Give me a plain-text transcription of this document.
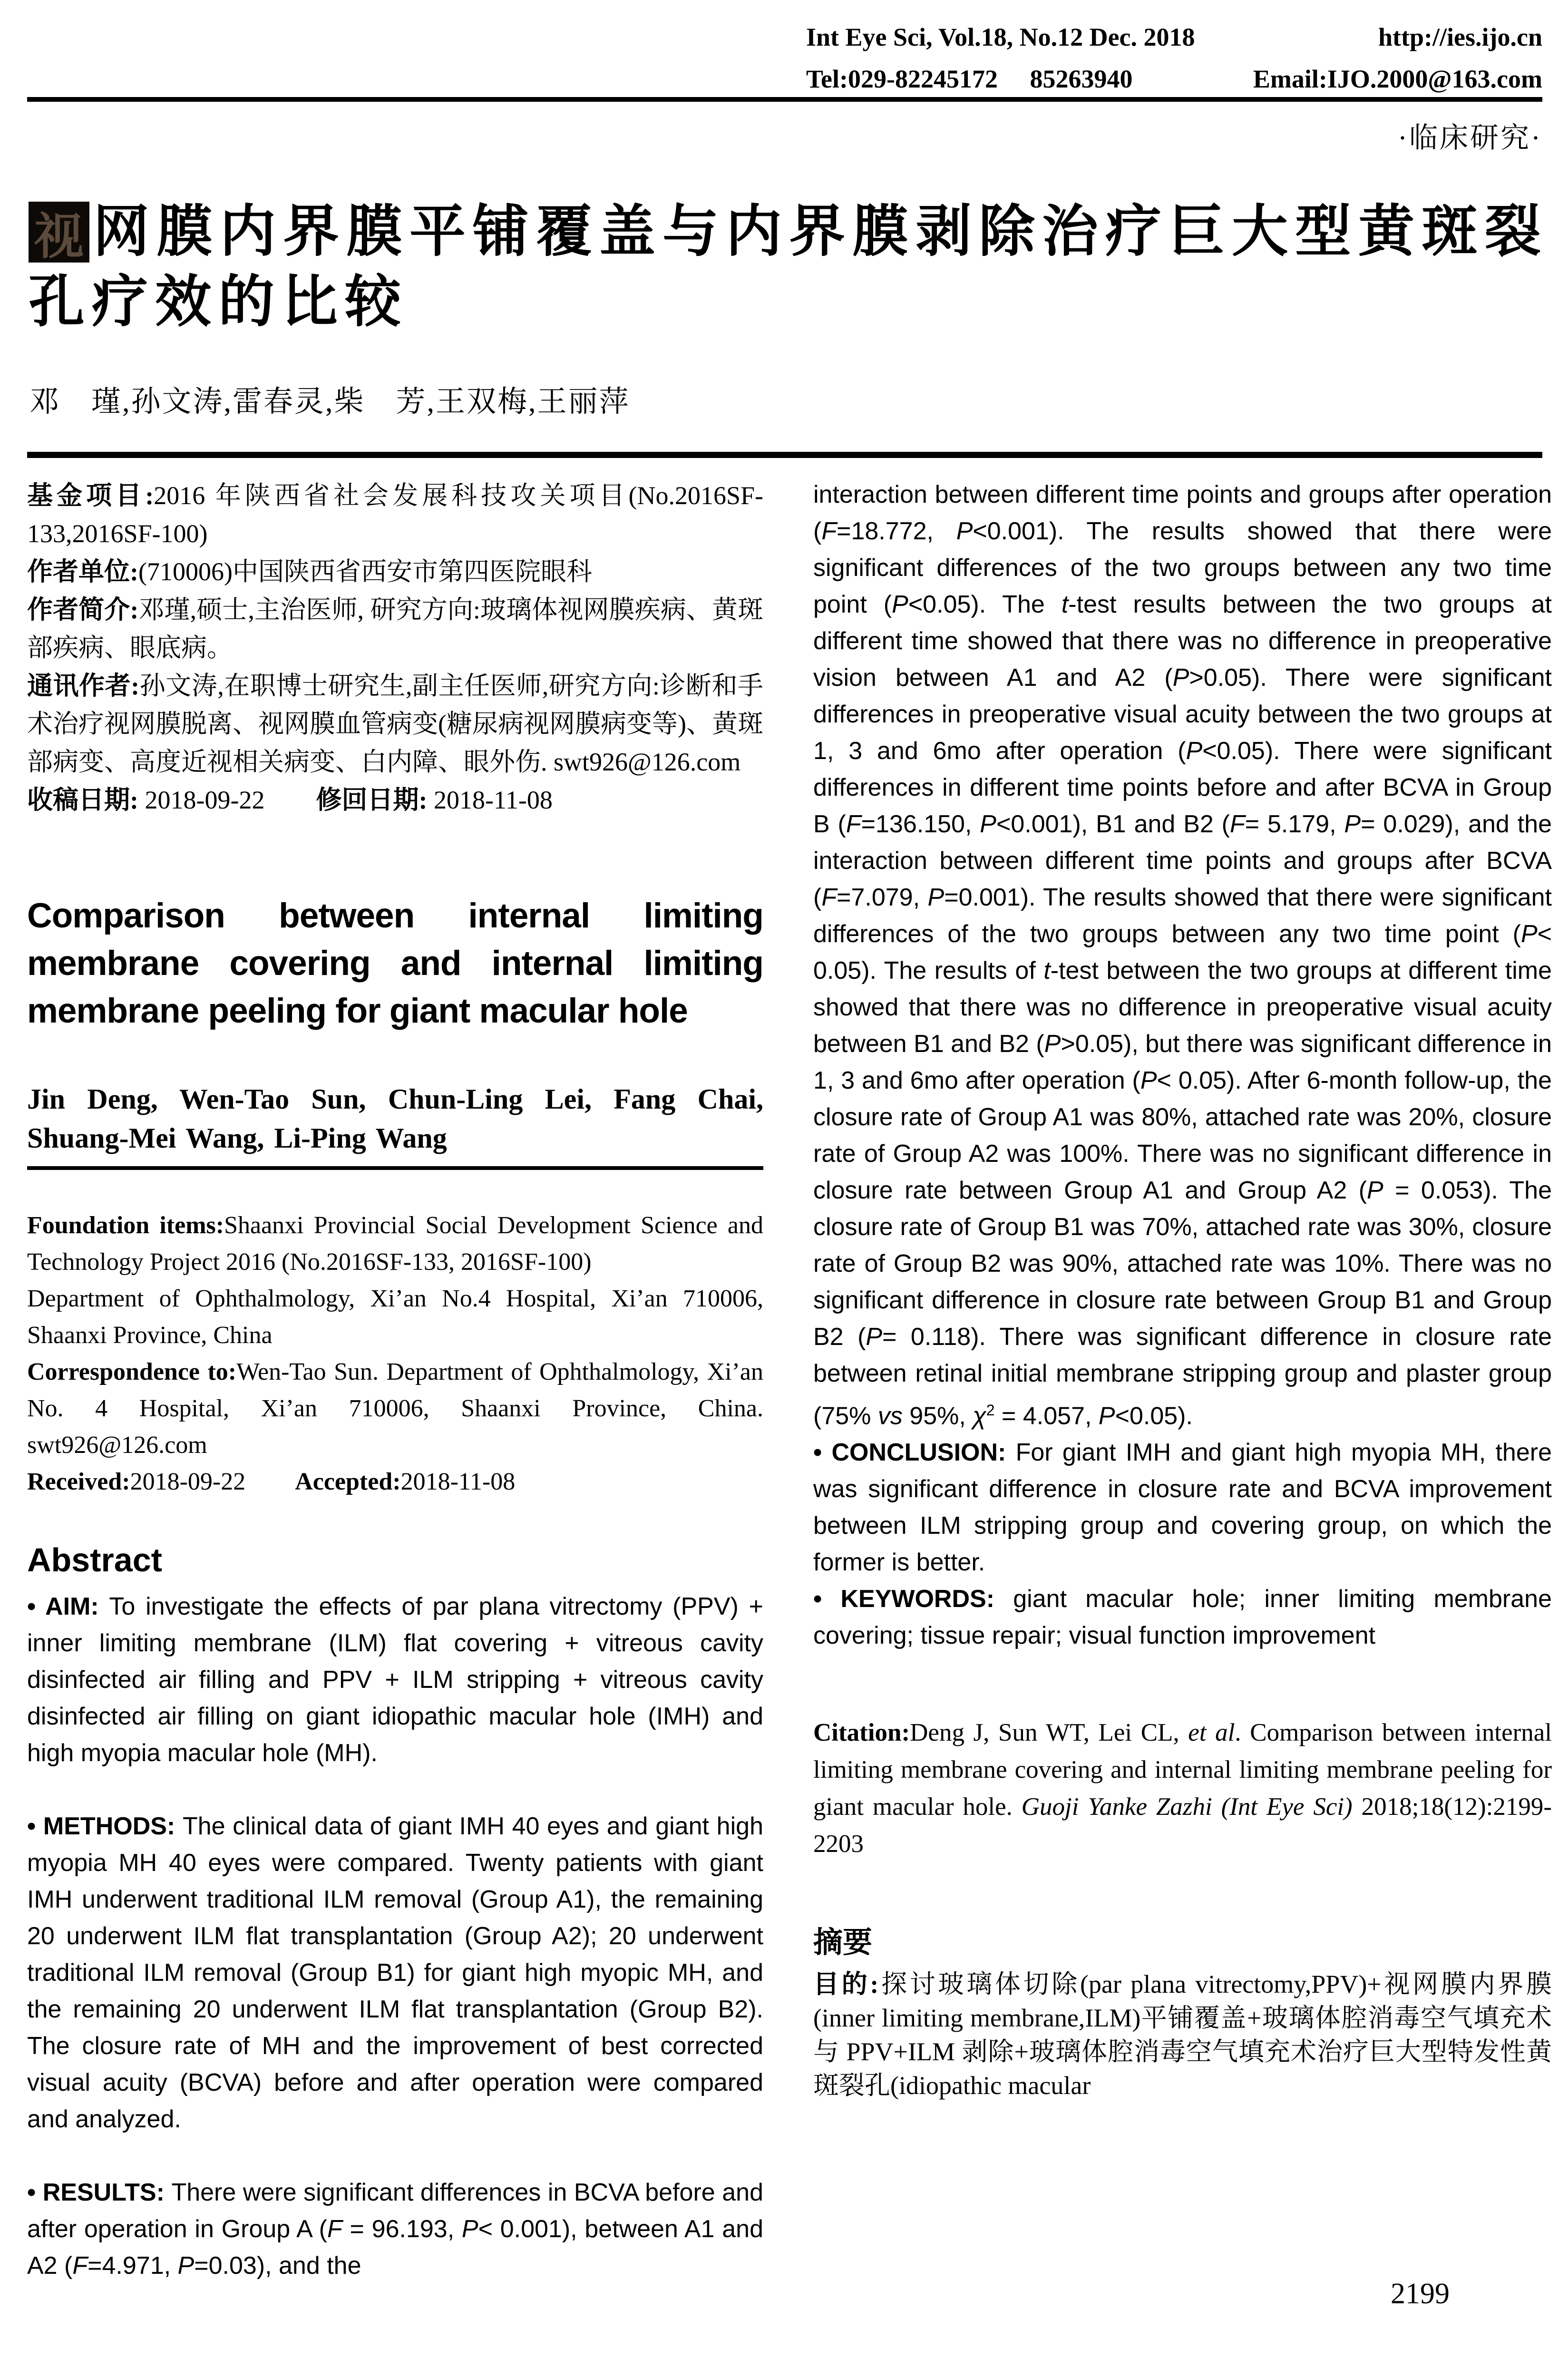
Int Eye Sci, Vol.18, No.12 Dec. 2018	http://ies.ijo.cn
Tel:029-82245172     85263940	Email:IJO.2000@163.com
·临床研究·
视 网膜内界膜平铺覆盖与内界膜剥除治疗巨大型黄斑裂
孔疗效的比较
邓　瑾,孙文涛,雷春灵,柴　芳,王双梅,王丽萍

基金项目:2016 年陕西省社会发展科技攻关项目(No.2016SF-133,2016SF-100)

作者单位:(710006)中国陕西省西安市第四医院眼科

作者简介:邓瑾,硕士,主治医师, 研究方向:玻璃体视网膜疾病、黄斑部疾病、眼底病。

通讯作者:孙文涛,在职博士研究生,副主任医师,研究方向:诊断和手术治疗视网膜脱离、视网膜血管病变(糖尿病视网膜病变等)、黄斑部病变、高度近视相关病变、白内障、眼外伤. swt926@126.com

收稿日期: 2018-09-22 修回日期: 2018-11-08

Comparison between internal limiting membrane covering and internal limiting membrane peeling for giant macular hole
Jin Deng, Wen-Tao Sun, Chun-Ling Lei, Fang Chai, Shuang-Mei Wang, Li-Ping Wang

Foundation items:Shaanxi Provincial Social Development Science and Technology Project 2016 (No.2016SF-133, 2016SF-100)

Department of Ophthalmology, Xi’an No.4 Hospital, Xi’an 710006, Shaanxi Province, China

Correspondence to:Wen-Tao Sun. Department of Ophthalmology, Xi’an No. 4 Hospital, Xi’an 710006, Shaanxi Province, China. swt926@126.com

Received:2018-09-22 Accepted:2018-11-08

Abstract

• AIM: To investigate the effects of par plana vitrectomy (PPV) + inner limiting membrane (ILM) flat covering + vitreous cavity disinfected air filling and PPV + ILM stripping + vitreous cavity disinfected air filling on giant idiopathic macular hole (IMH) and high myopia macular hole (MH).

• METHODS: The clinical data of giant IMH 40 eyes and giant high myopia MH 40 eyes were compared. Twenty patients with giant IMH underwent traditional ILM removal (Group A1), the remaining 20 underwent ILM flat transplantation (Group A2); 20 underwent traditional ILM removal (Group B1) for giant high myopic MH, and the remaining 20 underwent ILM flat transplantation (Group B2). The closure rate of MH and the improvement of best corrected visual acuity (BCVA) before and after operation were compared and analyzed.

• RESULTS: There were significant differences in BCVA before and after operation in Group A (F = 96.193, P< 0.001), between A1 and A2 (F=4.971, P=0.03), and the

interaction between different time points and groups after operation (F=18.772, P<0.001). The results showed that there were significant differences of the two groups between any two time point (P<0.05). The t-test results between the two groups at different time showed that there was no difference in preoperative vision between A1 and A2 (P>0.05). There were significant differences in preoperative visual acuity between the two groups at 1, 3 and 6mo after operation (P<0.05). There were significant differences in different time points before and after BCVA in Group B (F=136.150, P<0.001), B1 and B2 (F= 5.179, P= 0.029), and the interaction between different time points and groups after BCVA (F=7.079, P=0.001). The results showed that there were significant differences of the two groups between any two time point (P< 0.05). The results of t-test between the two groups at different time showed that there was no difference in preoperative visual acuity between B1 and B2 (P>0.05), but there was significant difference in 1, 3 and 6mo after operation (P< 0.05). After 6-month follow-up, the closure rate of Group A1 was 80%, attached rate was 20%, closure rate of Group A2 was 100%. There was no significant difference in closure rate between Group A1 and Group A2 (P = 0.053). The closure rate of Group B1 was 70%, attached rate was 30%, closure rate of Group B2 was 90%, attached rate was 10%. There was no significant difference in closure rate between Group B1 and Group B2 (P= 0.118). There was significant difference in closure rate between retinal initial membrane stripping group and plaster group (75% vs 95%, $\chi^2 = 4.057$, P<0.05).

• CONCLUSION: For giant IMH and giant high myopia MH, there was significant difference in closure rate and BCVA improvement between ILM stripping group and covering group, on which the former is better.

• KEYWORDS: giant macular hole; inner limiting membrane covering; tissue repair; visual function improvement

Citation:Deng J, Sun WT, Lei CL, et al. Comparison between internal limiting membrane covering and internal limiting membrane peeling for giant macular hole. Guoji Yanke Zazhi (Int Eye Sci) 2018;18(12):2199-2203

摘要

目的:探讨玻璃体切除(par plana vitrectomy,PPV)+视网膜内界膜(inner limiting membrane,ILM)平铺覆盖+玻璃体腔消毒空气填充术与 PPV+ILM 剥除+玻璃体腔消毒空气填充术治疗巨大型特发性黄斑裂孔(idiopathic macular

2199
